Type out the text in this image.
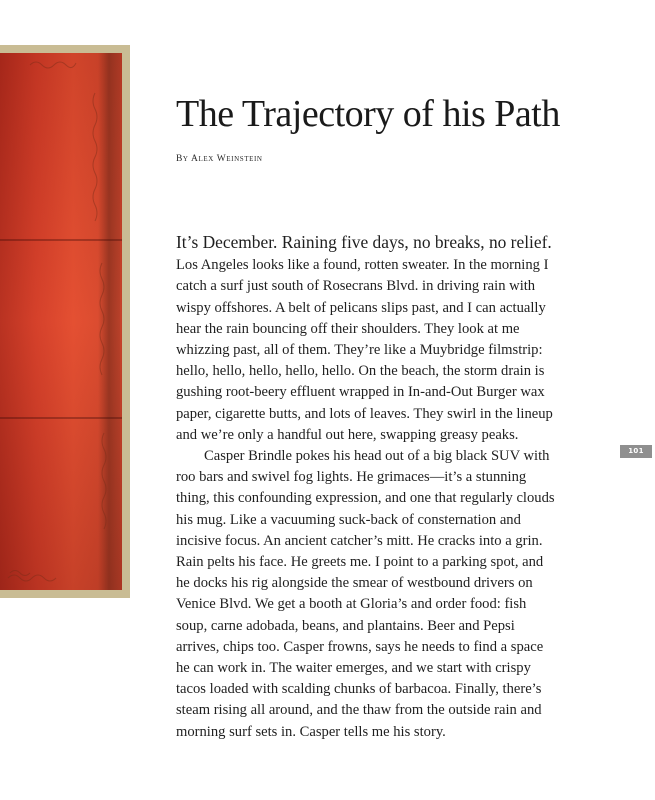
The Trajectory of his Path

By Alex Weinstein

It’s December. Raining five days, no breaks, no relief. Los Angeles looks like a found, rotten sweater. In the morning I catch a surf just south of Rosecrans Blvd. in driving rain with wispy offshores. A belt of pelicans slips past, and I can actually hear the rain bouncing off their shoulders. They look at me whizzing past, all of them. They’re like a Muybridge filmstrip: hello, hello, hello, hello, hello. On the beach, the storm drain is gushing root-beery effluent wrapped in In-and-Out Burger wax paper, cigarette butts, and lots of leaves. They swirl in the lineup and we’re only a handful out here, swapping greasy peaks.

Casper Brindle pokes his head out of a big black SUV with roo bars and swivel fog lights. He grimaces—it’s a stunning thing, this confounding expression, and one that regularly clouds his mug. Like a vacuuming suck-back of consternation and incisive focus. An ancient catcher’s mitt. He cracks into a grin. Rain pelts his face. He greets me. I point to a parking spot, and he docks his rig alongside the smear of westbound drivers on Venice Blvd. We get a booth at Gloria’s and order food: fish soup, carne adobada, beans, and plantains. Beer and Pepsi arrives, chips too. Casper frowns, says he needs to find a space he can work in. The waiter emerges, and we start with crispy tacos loaded with scalding chunks of barbacoa. Finally, there’s steam rising all around, and the thaw from the outside rain and morning surf sets in. Casper tells me his story.

101
